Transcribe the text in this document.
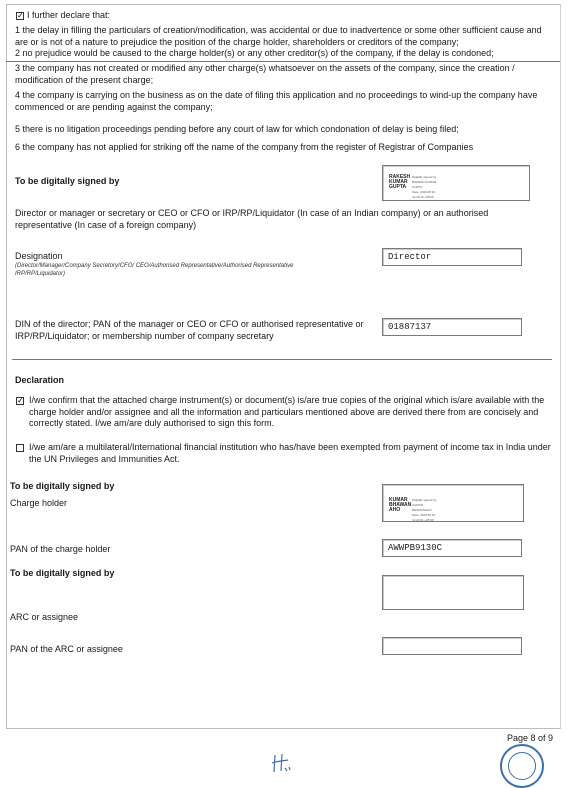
✓ I further declare that:
1 the delay in filling the particulars of creation/modification, was accidental or due to inadvertence or some other sufficient cause and are or is not of a nature to prejudice the position of the charge holder, shareholders or creditors of the company;
2 no prejudice would be caused to the charge holder(s) or any other creditor(s) of the company, if the delay is condoned;
3 the company has not created or modified any other charge(s) whatsoever on the assets of the company, since the creation / modification of the present charge;
4 the company is carrying on the business as on the date of filing this application and no proceedings to wind-up the company have commenced or are pending against the company;
5 there is no litigation proceedings pending before any court of law for which condonation of delay is being filed;
6 the company has not applied for striking off the name of the company from the register of Registrar of Companies
To be digitally signed by	RAKESH
KUMAR
GUPTA Digitally signed by
RAKESH KUMAR
GUPTA
Date: 2023.05.16
11:16:19 +05'30'
Director or manager or secretary or CEO or CFO or IRP/RP/Liquidator (In case of an Indian company) or an authorised representative (In case of a foreign company)
Designation
(Director/Manager/Company Secretory/CFO/ CEO/Authorised Representative/Authorised Representative IRP/RP/Liquidator)
Director
DIN of the director; PAN of the manager or CEO or CFO or authorised representative or IRP/RP/Liquidator; or membership number of company secretary
01887137
Declaration
✓ I/we confirm that the attached charge instrument(s) or document(s) is/are true copies of the original which is/are available with the charge holder and/or assignee and all the information and particulars mentioned above are derived there from are concisely and correctly stated. I/we am/are duly authorised to sign this form.
I/we am/are a multilateral/International financial institution who has/have been exempted from payment of income tax in India under the UN Privileges and Immunities Act.
To be digitally signed by
Charge holder	KUMAR
BHAWAN
AHO Digitally signed by
KUMAR
BHAWANAHO
Date: 2023.05.16
11:21:01 +05'30'
PAN of the charge holder	AWWPB9130C
To be digitally signed by
ARC or assignee
PAN of the ARC or assignee
Page 8 of 9
